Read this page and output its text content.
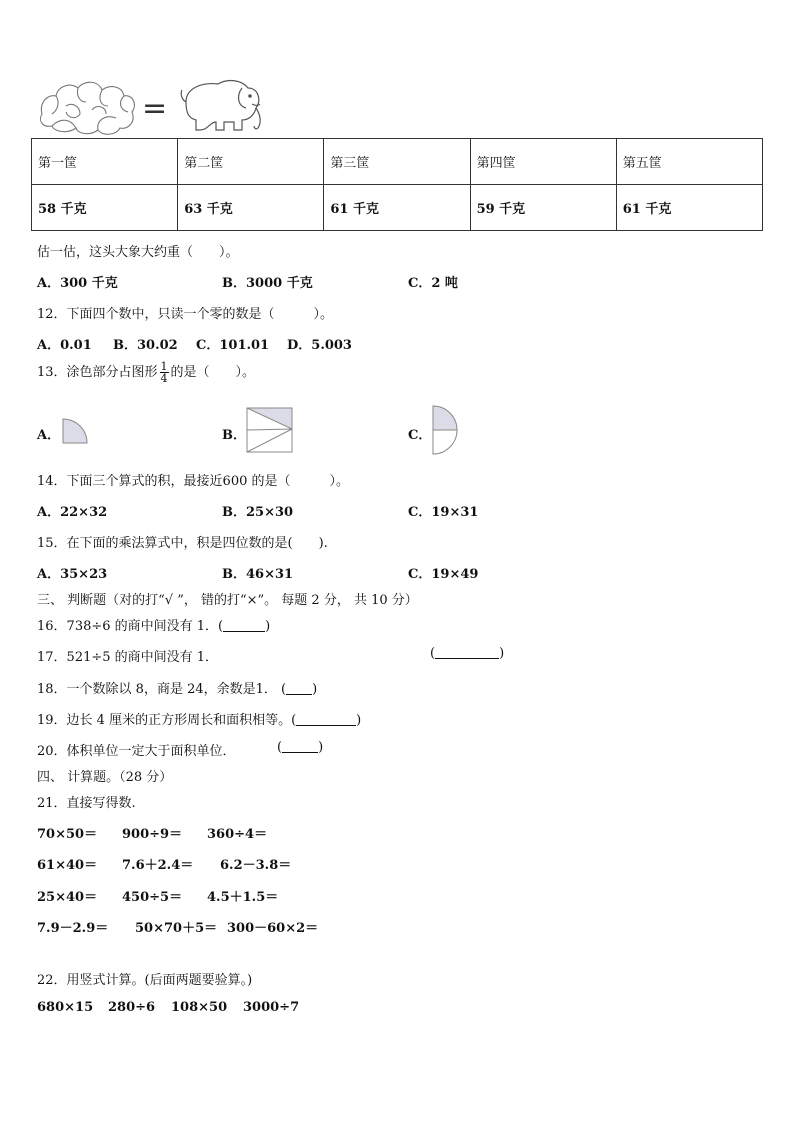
=
第一筐	第二筐	第三筐	第四筐	第五筐
58 千克	63 千克	61 千克	59 千克	61 千克
估一估，这头大象大约重（　　）。
A．300 千克	B．3000 千克	C．2 吨
12．下面四个数中，只读一个零的数是（　　　）。
A．0.01 B．30.02 C．101.01 D．5.003
13．涂色部分占图形 $\frac{1}{4}$ 的是（　　）。
A．	B．	C．
14．下面三个算式的积，最接近600 的是（　　　）。
A．22×32	B．25×30	C．19×31
15．在下面的乘法算式中，积是四位数的是(　　).
A．35×23	B．46×31	C．19×49
三、 判断题（对的打“√ ”， 错的打“×”。 每题 2 分， 共 10 分）
16．738÷6 的商中间没有 1．(	)
17．521÷5 的商中间没有 1．	(	)
18．一个数除以 8，商是 24，余数是1． ( )
19．边长 4 厘米的正方形周长和面积相等。(	)
20．体积单位一定大于面积单位．	(	)
四、 计算题。（28 分）
21．直接写得数.
70×50＝ 900÷9＝ 360÷4＝
61×40＝ 7.6＋2.4＝ 6.2－3.8＝
25×40＝ 450÷5＝ 4.5＋1.5＝
7.9－2.9＝ 50×70＋5＝ 300－60×2＝
22．用竖式计算。(后面两题要验算。)
680×15 280÷6 108×50 3000÷7
